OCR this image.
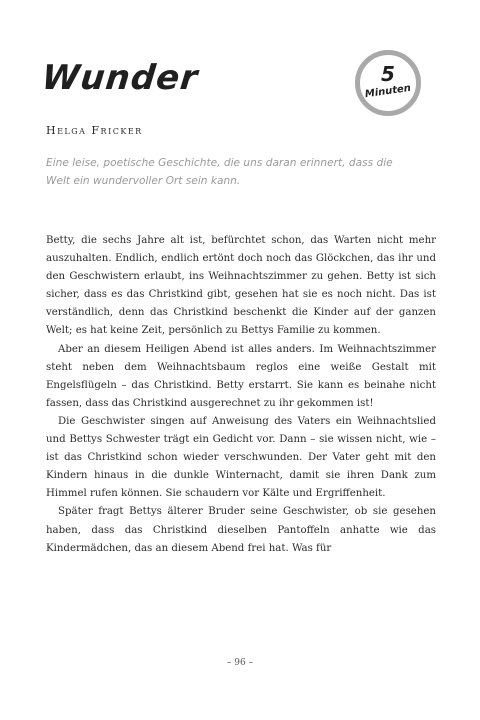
Wunder	5
Minuten
Helga Fricker
Eine leise, poetische Geschichte, die uns daran erinnert, dass die Welt ein wundervoller Ort sein kann.

Betty, die sechs Jahre alt ist, befürchtet schon, das Warten nicht mehr auszuhalten. Endlich, endlich ertönt doch noch das Glöckchen, das ihr und den Geschwistern erlaubt, ins Weihnachtszimmer zu gehen. Betty ist sich sicher, dass es das Christkind gibt, gesehen hat sie es noch nicht. Das ist verständlich, denn das Christkind beschenkt die Kinder auf der ganzen Welt; es hat keine Zeit, persönlich zu Bettys Familie zu kommen.

Aber an diesem Heiligen Abend ist alles anders. Im Weihnachtszimmer steht neben dem Weihnachtsbaum reglos eine weiße Gestalt mit Engelsflügeln – das Christkind. Betty erstarrt. Sie kann es beinahe nicht fassen, dass das Christkind ausgerechnet zu ihr gekommen ist!

Die Geschwister singen auf Anweisung des Vaters ein Weihnachtslied und Bettys Schwester trägt ein Gedicht vor. Dann – sie wissen nicht, wie – ist das Christkind schon wieder verschwunden. Der Vater geht mit den Kindern hinaus in die dunkle Winternacht, damit sie ihren Dank zum Himmel rufen können. Sie schaudern vor Kälte und Ergriffenheit.

Später fragt Bettys älterer Bruder seine Geschwister, ob sie gesehen haben, dass das Christkind dieselben Pantoffeln anhatte wie das Kindermädchen, das an diesem Abend frei hat. Was für

– 96 –
